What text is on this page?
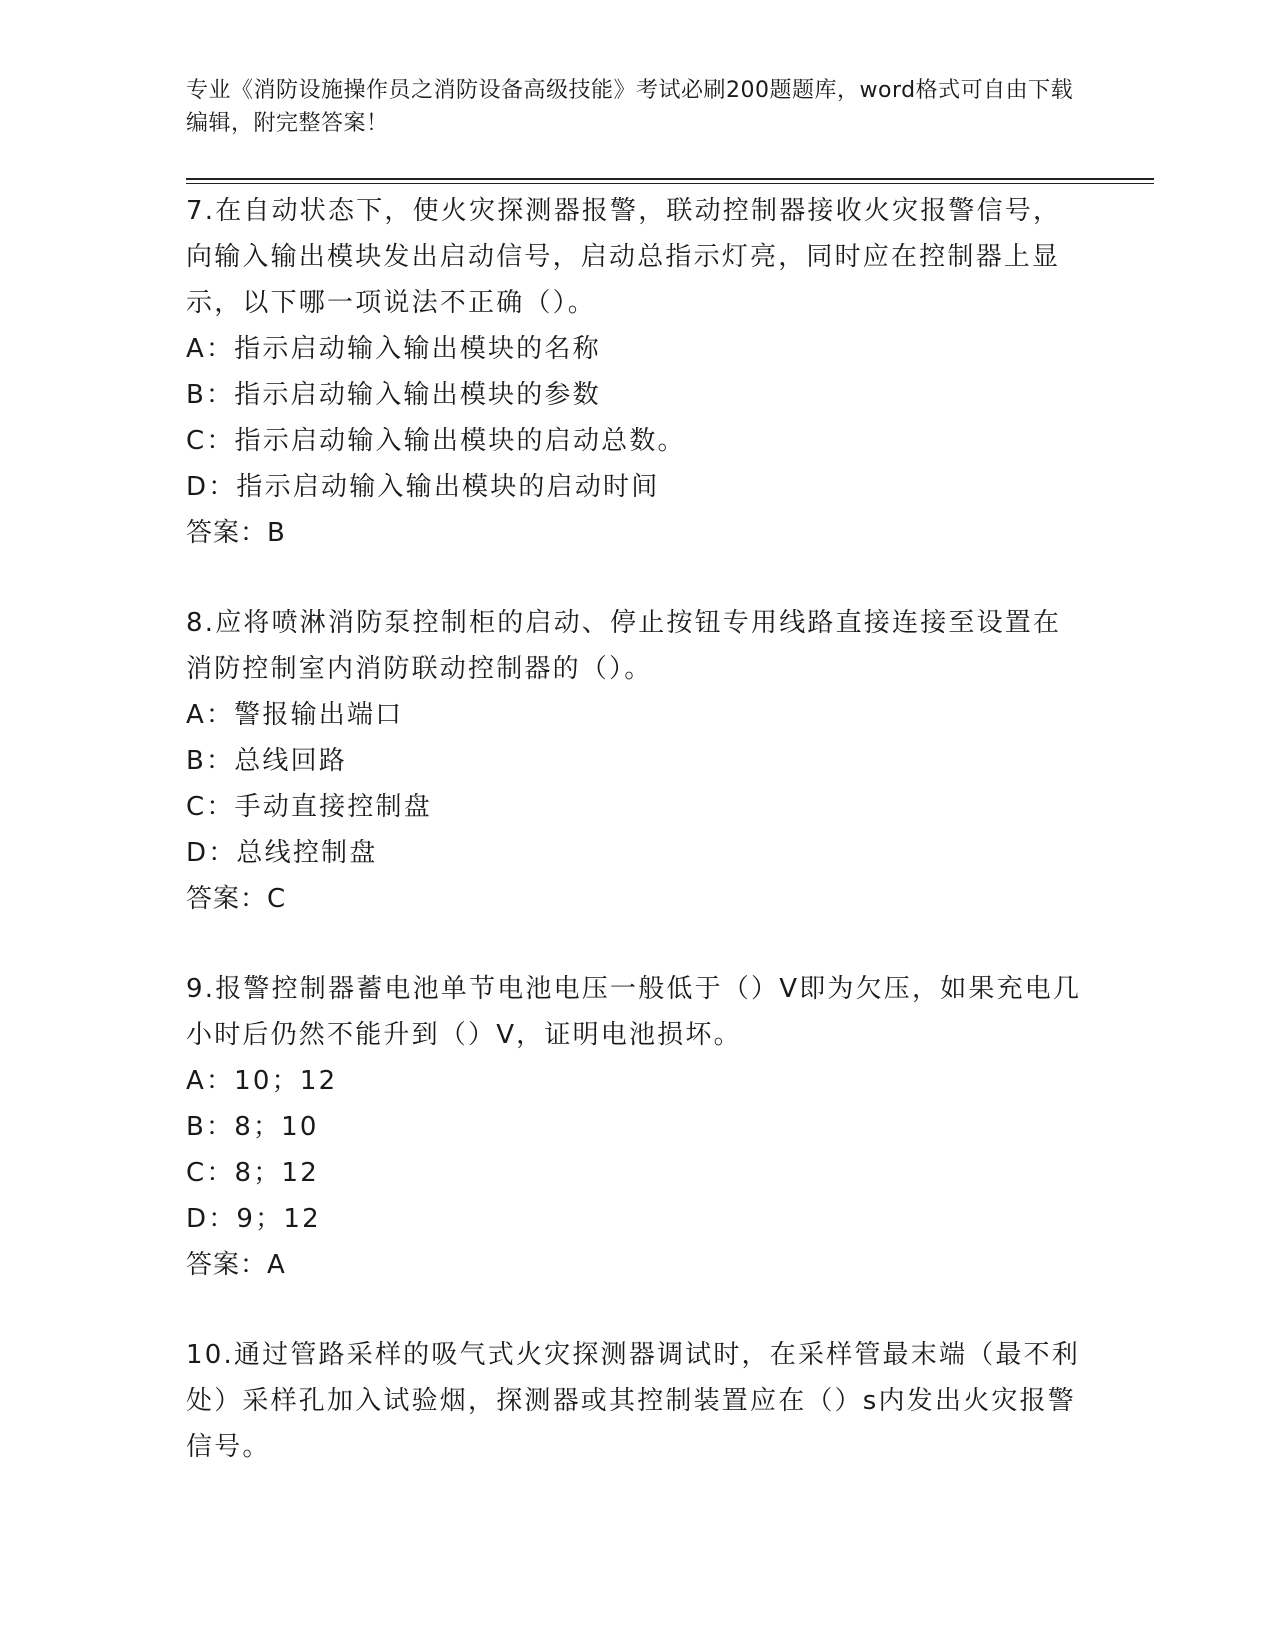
专业《消防设施操作员之消防设备高级技能》考试必刷200题题库，word格式可自由下载编辑，附完整答案！

7.在自动状态下，使火灾探测器报警，联动控制器接收火灾报警信号，向输入输出模块发出启动信号，启动总指示灯亮，同时应在控制器上显示，以下哪一项说法不正确（）。

A：指示启动输入输出模块的名称

B：指示启动输入输出模块的参数

C：指示启动输入输出模块的启动总数。

D：指示启动输入输出模块的启动时间

答案：B

8.应将喷淋消防泵控制柜的启动、停止按钮专用线路直接连接至设置在消防控制室内消防联动控制器的（）。

A：警报输出端口

B：总线回路

C：手动直接控制盘

D：总线控制盘

答案：C

9.报警控制器蓄电池单节电池电压一般低于（）V即为欠压，如果充电几小时后仍然不能升到（）V，证明电池损坏。

A：10；12

B：8；10

C：8；12

D：9；12

答案：A

10.通过管路采样的吸气式火灾探测器调试时，在采样管最末端（最不利处）采样孔加入试验烟，探测器或其控制装置应在（）s内发出火灾报警信号。
